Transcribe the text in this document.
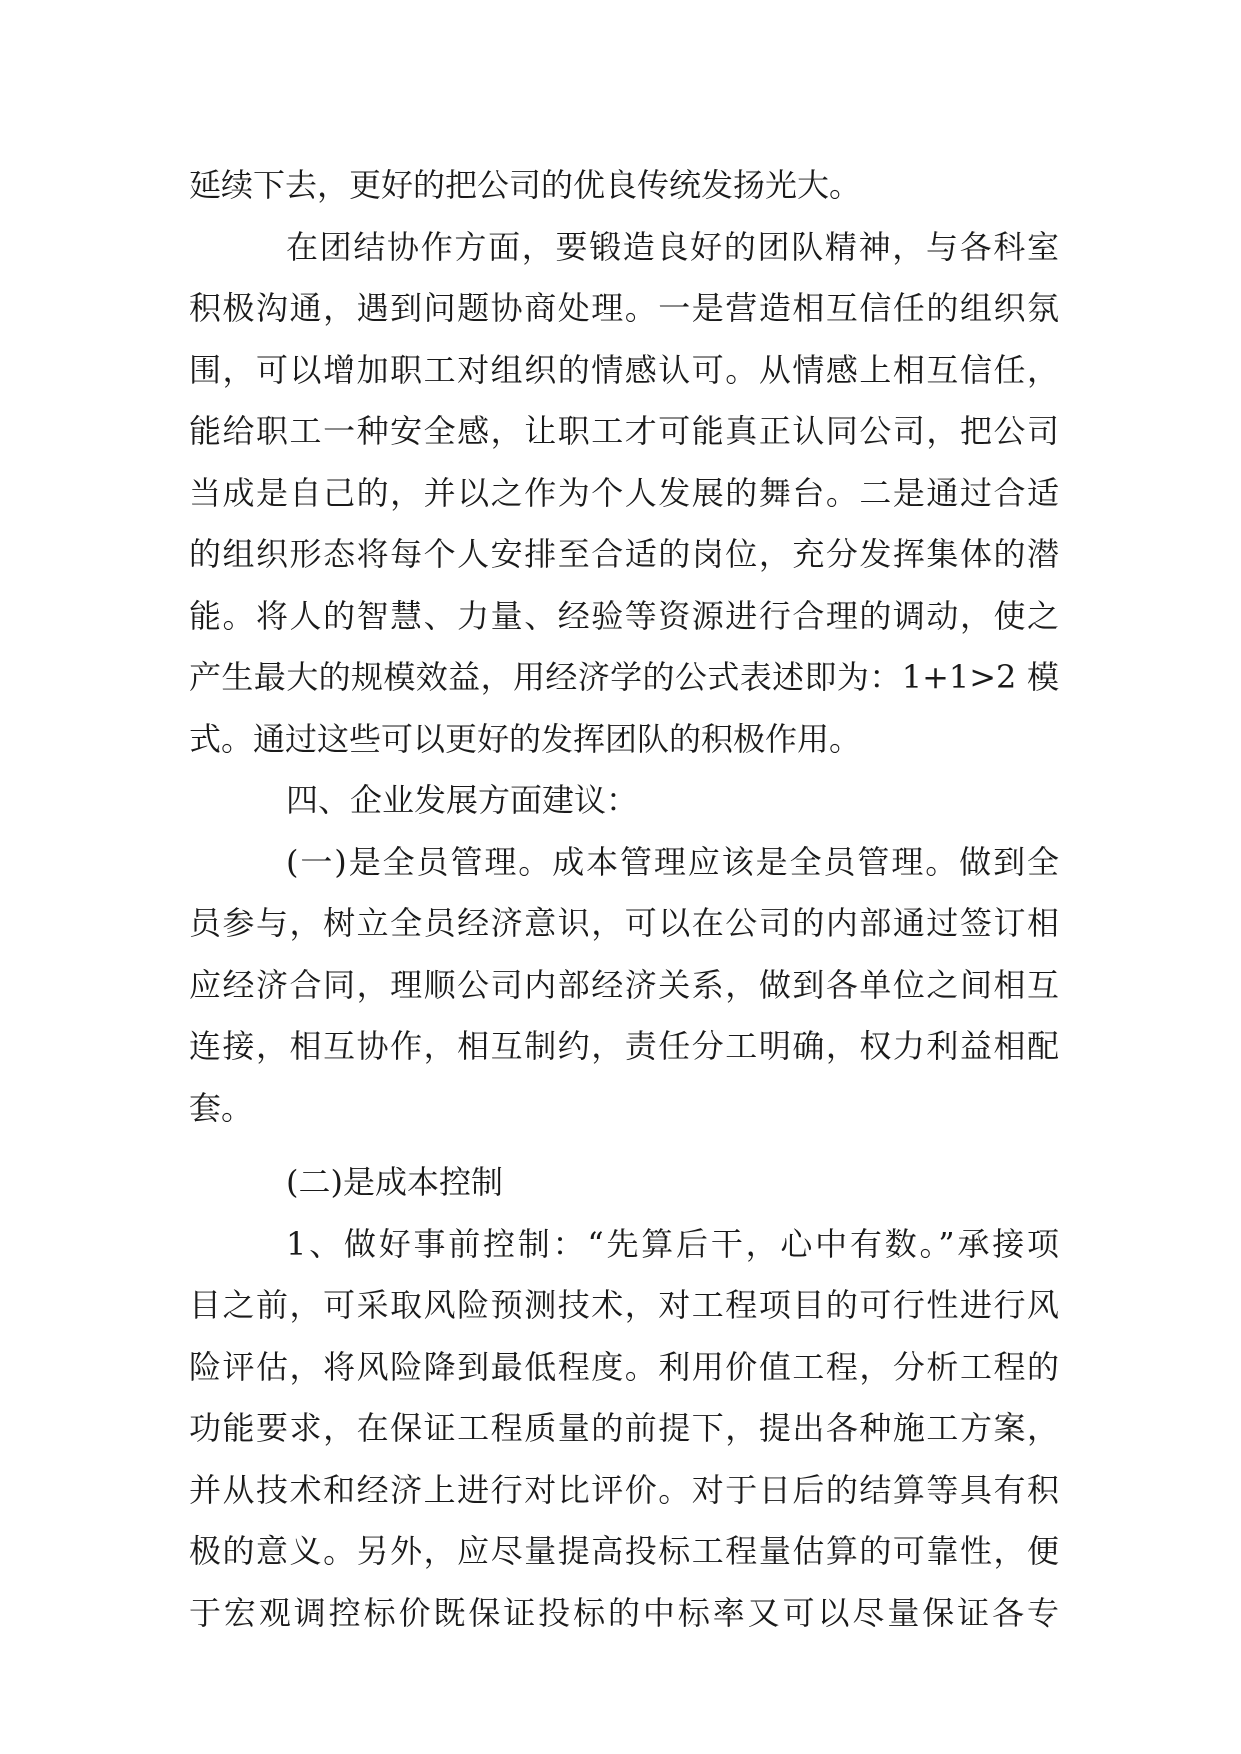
延续下去，更好的把公司的优良传统发扬光大。
在团结协作方面，要锻造良好的团队精神，与各科室
积极沟通，遇到问题协商处理。一是营造相互信任的组织氛
围，可以增加职工对组织的情感认可。从情感上相互信任，
能给职工一种安全感，让职工才可能真正认同公司，把公司
当成是自己的，并以之作为个人发展的舞台。二是通过合适
的组织形态将每个人安排至合适的岗位，充分发挥集体的潜
能。将人的智慧、力量、经验等资源进行合理的调动，使之
产生最大的规模效益，用经济学的公式表述即为：1+1>2 模
式。通过这些可以更好的发挥团队的积极作用。
四、企业发展方面建议：
(一)是全员管理。成本管理应该是全员管理。做到全
员参与，树立全员经济意识，可以在公司的内部通过签订相
应经济合同，理顺公司内部经济关系，做到各单位之间相互
连接，相互协作，相互制约，责任分工明确，权力利益相配
套。
(二)是成本控制
1、做好事前控制：“先算后干，心中有数。”承接项
目之前，可采取风险预测技术，对工程项目的可行性进行风
险评估，将风险降到最低程度。利用价值工程，分析工程的
功能要求，在保证工程质量的前提下，提出各种施工方案，
并从技术和经济上进行对比评价。对于日后的结算等具有积
极的意义。另外，应尽量提高投标工程量估算的可靠性，便
于宏观调控标价既保证投标的中标率又可以尽量保证各专
